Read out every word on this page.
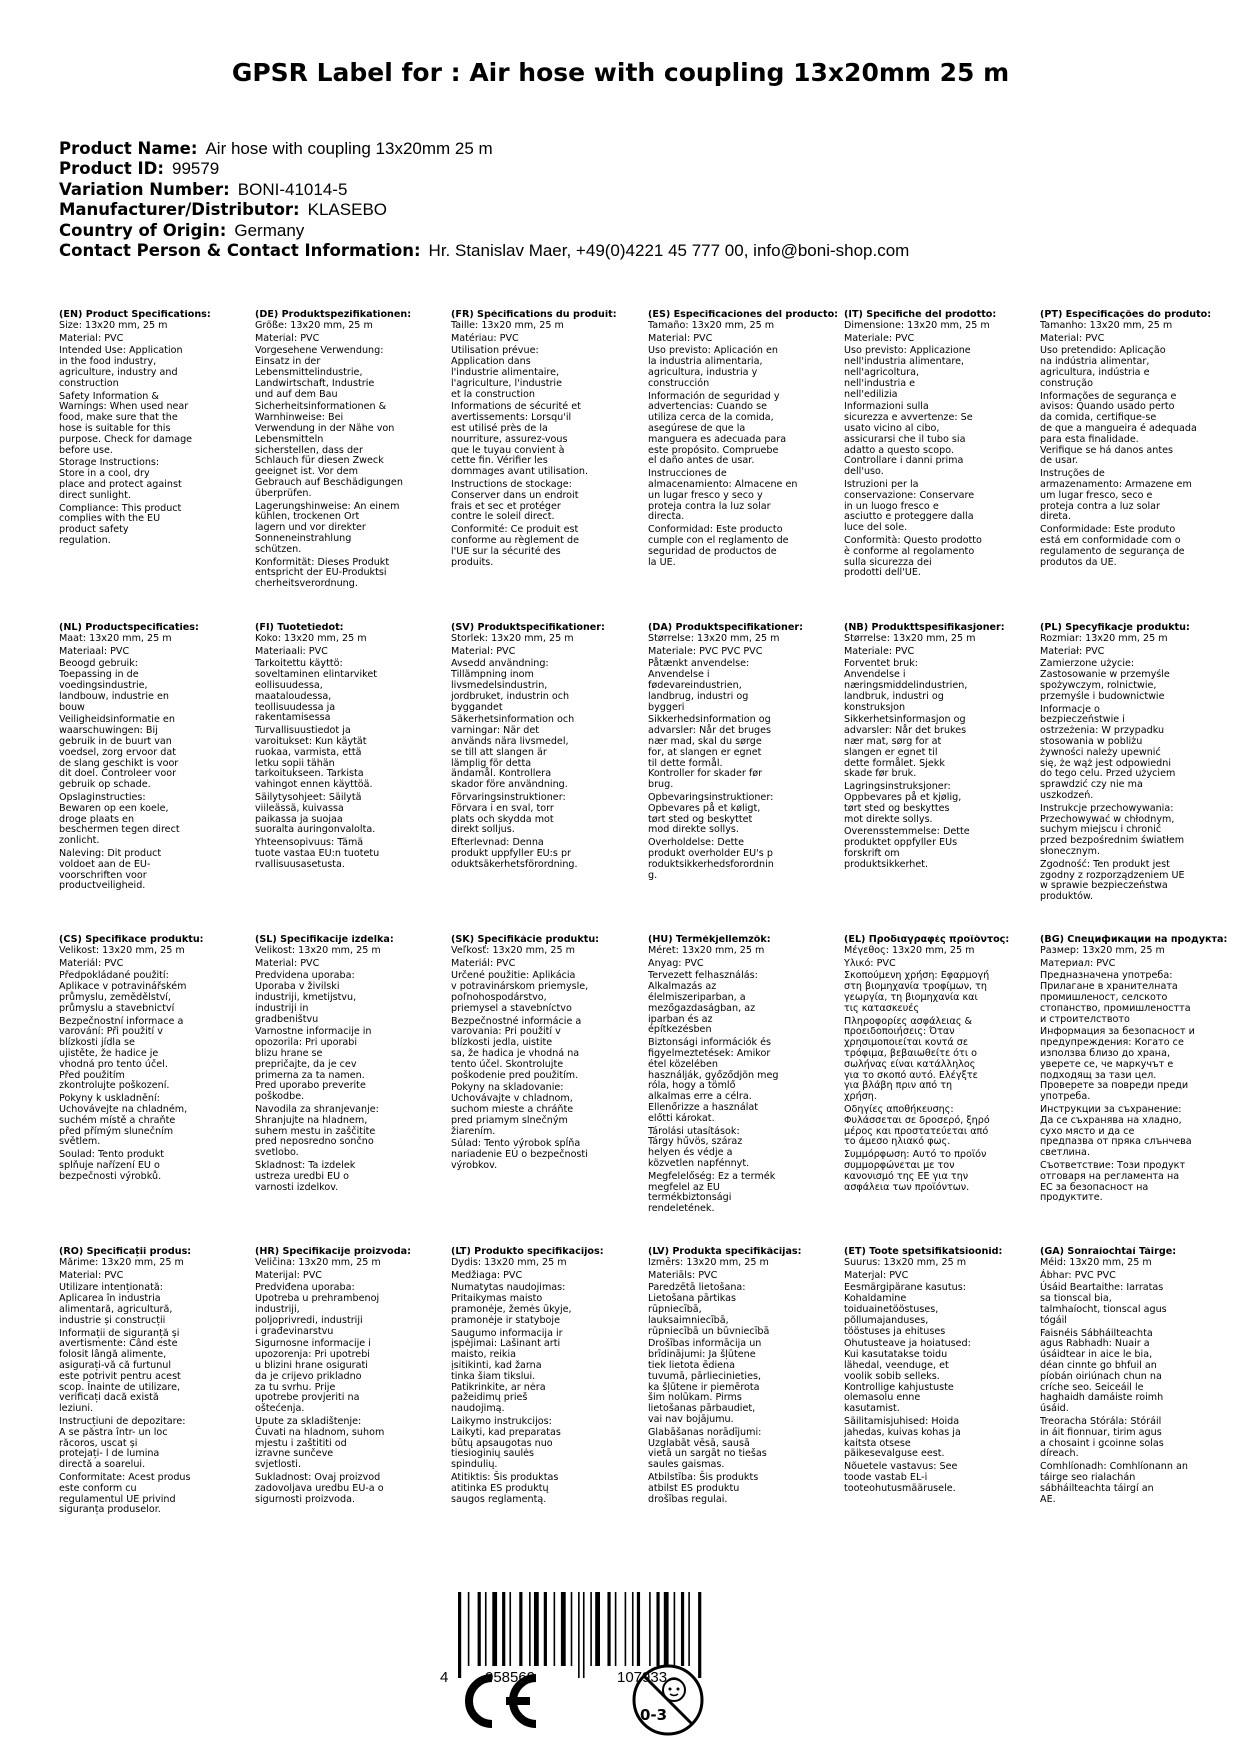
GPSR Label for : Air hose with coupling 13x20mm 25 m
Product Name: Air hose with coupling 13x20mm 25 m
Product ID: 99579
Variation Number: BONI-41014-5
Manufacturer/Distributor: KLASEBO
Country of Origin: Germany
Contact Person & Contact Information: Hr. Stanislav Maer, +49(0)4221 45 777 00, info@boni-shop.com
(EN) Product Specifications:
Size: 13x20 mm, 25 m

Material: PVC

Intended Use: Application
in the food industry,
agriculture, industry and
construction

Safety Information &
Warnings: When used near
food, make sure that the
hose is suitable for this
purpose. Check for damage
before use.

Storage Instructions:
Store in a cool, dry
place and protect against
direct sunlight.

Compliance: This product
complies with the EU
product safety
regulation.

(DE) Produktspezifikationen:
Größe: 13x20 mm, 25 m

Material: PVC

Vorgesehene Verwendung:
Einsatz in der
Lebensmittelindustrie,
Landwirtschaft, Industrie
und auf dem Bau

Sicherheitsinformationen &
Warnhinweise: Bei
Verwendung in der Nähe von
Lebensmitteln
sicherstellen, dass der
Schlauch für diesen Zweck
geeignet ist. Vor dem
Gebrauch auf Beschädigungen
überprüfen.

Lagerungshinweise: An einem
kühlen, trockenen Ort
lagern und vor direkter
Sonneneinstrahlung
schützen.

Konformität: Dieses Produkt
entspricht der EU-Produktsi
cherheitsverordnung.

(FR) Spécifications du produit:
Taille: 13x20 mm, 25 m

Matériau: PVC

Utilisation prévue:
Application dans
l'industrie alimentaire,
l'agriculture, l'industrie
et la construction

Informations de sécurité et
avertissements: Lorsqu'il
est utilisé près de la
nourriture, assurez-vous
que le tuyau convient à
cette fin. Vérifier les
dommages avant utilisation.

Instructions de stockage:
Conserver dans un endroit
frais et sec et protéger
contre le soleil direct.

Conformité: Ce produit est
conforme au règlement de
l'UE sur la sécurité des
produits.

(ES) Especificaciones del producto:
Tamaño: 13x20 mm, 25 m

Material: PVC

Uso previsto: Aplicación en
la industria alimentaria,
agricultura, industria y
construcción

Información de seguridad y
advertencias: Cuando se
utiliza cerca de la comida,
asegúrese de que la
manguera es adecuada para
este propósito. Compruebe
el daño antes de usar.

Instrucciones de
almacenamiento: Almacene en
un lugar fresco y seco y
proteja contra la luz solar
directa.

Conformidad: Este producto
cumple con el reglamento de
seguridad de productos de
la UE.

(IT) Specifiche del prodotto:
Dimensione: 13x20 mm, 25 m

Materiale: PVC

Uso previsto: Applicazione
nell'industria alimentare,
nell'agricoltura,
nell'industria e
nell'edilizia

Informazioni sulla
sicurezza e avvertenze: Se
usato vicino al cibo,
assicurarsi che il tubo sia
adatto a questo scopo.
Controllare i danni prima
dell'uso.

Istruzioni per la
conservazione: Conservare
in un luogo fresco e
asciutto e proteggere dalla
luce del sole.

Conformità: Questo prodotto
è conforme al regolamento
sulla sicurezza dei
prodotti dell'UE.

(PT) Especificações do produto:
Tamanho: 13x20 mm, 25 m

Material: PVC

Uso pretendido: Aplicação
na indústria alimentar,
agricultura, indústria e
construção

Informações de segurança e
avisos: Quando usado perto
da comida, certifique-se
de que a mangueira é adequada
para esta finalidade.
Verifique se há danos antes
de usar.

Instruções de
armazenamento: Armazene em
um lugar fresco, seco e
proteja contra a luz solar
direta.

Conformidade: Este produto
está em conformidade com o
regulamento de segurança de
produtos da UE.

(NL) Productspecificaties:
Maat: 13x20 mm, 25 m

Materiaal: PVC

Beoogd gebruik:
Toepassing in de
voedingsindustrie,
landbouw, industrie en
bouw

Veiligheidsinformatie en
waarschuwingen: Bij
gebruik in de buurt van
voedsel, zorg ervoor dat
de slang geschikt is voor
dit doel. Controleer voor
gebruik op schade.

Opslaginstructies:
Bewaren op een koele,
droge plaats en
beschermen tegen direct
zonlicht.

Naleving: Dit product
voldoet aan de EU-
voorschriften voor
productveiligheid.

(FI) Tuotetiedot:
Koko: 13x20 mm, 25 m

Materiaali: PVC

Tarkoitettu käyttö:
soveltaminen elintarviket
eollisuudessa,
maataloudessa,
teollisuudessa ja
rakentamisessa

Turvallisuustiedot ja
varoitukset: Kun käytät
ruokaa, varmista, että
letku sopii tähän
tarkoitukseen. Tarkista
vahingot ennen käyttöä.

Säilytysohjeet: Säilytä
viileässä, kuivassa
paikassa ja suojaa
suoralta auringonvalolta.

Yhteensopivuus: Tämä
tuote vastaa EU:n tuotetu
rvallisuusasetusta.

(SV) Produktspecifikationer:
Storlek: 13x20 mm, 25 m

Material: PVC

Avsedd användning:
Tillämpning inom
livsmedelsindustrin,
jordbruket, industrin och
byggandet

Säkerhetsinformation och
varningar: När det
används nära livsmedel,
se till att slangen är
lämplig för detta
ändamål. Kontrollera
skador före användning.

Förvaringsinstruktioner:
Förvara i en sval, torr
plats och skydda mot
direkt solljus.

Efterlevnad: Denna
produkt uppfyller EU:s pr
oduktsäkerhetsförordning.

(DA) Produktspecifikationer:
Størrelse: 13x20 mm, 25 m

Materiale: PVC PVC PVC

Påtænkt anvendelse:
Anvendelse i
fødevareindustrien,
landbrug, industri og
byggeri

Sikkerhedsinformation og
advarsler: Når det bruges
nær mad, skal du sørge
for, at slangen er egnet
til dette formål.
Kontroller for skader før
brug.

Opbevaringsinstruktioner:
Opbevares på et køligt,
tørt sted og beskyttet
mod direkte sollys.

Overholdelse: Dette
produkt overholder EU's p
roduktsikkerhedsforordnin
g.

(NB) Produkttspesifikasjoner:
Størrelse: 13x20 mm, 25 m

Materiale: PVC

Forventet bruk:
Anvendelse i
næringsmiddelindustrien,
landbruk, industri og
konstruksjon

Sikkerhetsinformasjon og
advarsler: Når det brukes
nær mat, sørg for at
slangen er egnet til
dette formålet. Sjekk
skade før bruk.

Lagringsinstruksjoner:
Oppbevares på et kjølig,
tørt sted og beskyttes
mot direkte sollys.

Overensstemmelse: Dette
produktet oppfyller EUs
forskrift om
produktsikkerhet.

(PL) Specyfikacje produktu:
Rozmiar: 13x20 mm, 25 m

Materiał: PVC

Zamierzone użycie:
Zastosowanie w przemyśle
spożywczym, rolnictwie,
przemyśle i budownictwie

Informacje o
bezpieczeństwie i
ostrzeżenia: W przypadku
stosowania w pobliżu
żywności należy upewnić
się, że wąż jest odpowiedni
do tego celu. Przed użyciem
sprawdzić czy nie ma
uszkodzeń.

Instrukcje przechowywania:
Przechowywać w chłodnym,
suchym miejscu i chronić
przed bezpośrednim światłem
słonecznym.

Zgodność: Ten produkt jest
zgodny z rozporządzeniem UE
w sprawie bezpieczeństwa
produktów.

(CS) Specifikace produktu:
Velikost: 13x20 mm, 25 m

Materiál: PVC

Předpokládané použití:
Aplikace v potravinářském
průmyslu, zemědělství,
průmyslu a stavebnictví

Bezpečnostní informace a
varování: Při použití v
blízkosti jídla se
ujistěte, že hadice je
vhodná pro tento účel.
Před použitím
zkontrolujte poškození.

Pokyny k uskladnění:
Uchovávejte na chladném,
suchém místě a chraňte
před přímým slunečním
světlem.

Soulad: Tento produkt
splňuje nařízení EU o
bezpečnosti výrobků.

(SL) Specifikacije izdelka:
Velikost: 13x20 mm, 25 m

Material: PVC

Predvidena uporaba:
Uporaba v živilski
industriji, kmetijstvu,
industriji in
gradbeništvu

Varnostne informacije in
opozorila: Pri uporabi
blizu hrane se
prepričajte, da je cev
primerna za ta namen.
Pred uporabo preverite
poškodbe.

Navodila za shranjevanje:
Shranjujte na hladnem,
suhem mestu in zaščitite
pred neposredno sončno
svetlobo.

Skladnost: Ta izdelek
ustreza uredbi EU o
varnosti izdelkov.

(SK) Špecifikácie produktu:
Veľkosť: 13x20 mm, 25 m

Materiál: PVC

Určené použitie: Aplikácia
v potravinárskom priemysle,
poľnohospodárstvo,
priemysel a stavebníctvo

Bezpečnostné informácie a
varovania: Pri použití v
blízkosti jedla, uistite
sa, že hadica je vhodná na
tento účel. Skontrolujte
poškodenie pred použitím.

Pokyny na skladovanie:
Uchovávajte v chladnom,
suchom mieste a chráňte
pred priamym slnečným
žiarením.

Súlad: Tento výrobok spĺňa
nariadenie EÚ o bezpečnosti
výrobkov.

(HU) Termékjellemzők:
Méret: 13x20 mm, 25 m

Anyag: PVC

Tervezett felhasználás:
Alkalmazás az
élelmiszeriparban, a
mezőgazdaságban, az
iparban és az
építkezésben

Biztonsági információk és
figyelmeztetések: Amikor
étel közelében
használják, győződjön meg
róla, hogy a tömlő
alkalmas erre a célra.
Ellenőrizze a használat
előtti károkat.

Tárolási utasítások:
Tárgy hűvös, száraz
helyen és védje a
közvetlen napfénnyt.

Megfelelőség: Ez a termék
megfelel az EU
termékbiztonsági
rendeletének.

(EL) Προδιαγραφές προϊόντος:
Μέγεθος: 13x20 mm, 25 m

Υλικό: PVC

Σκοπούμενη χρήση: Εφαρμογή
στη βιομηχανία τροφίμων, τη
γεωργία, τη βιομηχανία και
τις κατασκευές

Πληροφορίες ασφάλειας &
προειδοποιήσεις: Όταν
χρησιμοποιείται κοντά σε
τρόφιμα, βεβαιωθείτε ότι ο
σωλήνας είναι κατάλληλος
για το σκοπό αυτό. Ελέγξτε
για βλάβη πριν από τη
χρήση.

Οδηγίες αποθήκευσης:
Φυλάσσεται σε δροσερό, ξηρό
μέρος και προστατεύεται από
το άμεσο ηλιακό φως.

Συμμόρφωση: Αυτό το προϊόν
συμμορφώνεται με τον
κανονισμό της ΕΕ για την
ασφάλεια των προϊόντων.

(BG) Спецификации на продукта:
Размер: 13x20 mm, 25 m

Материал: PVC

Предназначена употреба:
Прилагане в хранителната
промишленост, селското
стопанство, промишлеността
и строителството

Информация за безопасност и
предупреждения: Когато се
използва близо до храна,
уверете се, че маркучът е
подходящ за тази цел.
Проверете за повреди преди
употреба.

Инструкции за съхранение:
Да се съхранява на хладно,
сухо място и да се
предпазва от пряка слънчева
светлина.

Съответствие: Този продукт
отговаря на регламента на
ЕС за безопасност на
продуктите.

(RO) Specificații produs:
Mărime: 13x20 mm, 25 m

Material: PVC

Utilizare intenționată:
Aplicarea în industria
alimentară, agricultură,
industrie și construcții

Informații de siguranță și
avertismente: Când este
folosit lângă alimente,
asigurați-vă că furtunul
este potrivit pentru acest
scop. Înainte de utilizare,
verificați dacă există
leziuni.

Instrucțiuni de depozitare:
A se păstra într- un loc
răcoros, uscat și
protejați- l de lumina
directă a soarelui.

Conformitate: Acest produs
este conform cu
regulamentul UE privind
siguranța produselor.

(HR) Specifikacije proizvoda:
Veličina: 13x20 mm, 25 m

Materijal: PVC

Predviđena uporaba:
Upotreba u prehrambenoj
industriji,
poljoprivredi, industriji
i građevinarstvu

Sigurnosne informacije i
upozorenja: Pri upotrebi
u blizini hrane osigurati
da je crijevo prikladno
za tu svrhu. Prije
upotrebe provjeriti na
oštećenja.

Upute za skladištenje:
Čuvati na hladnom, suhom
mjestu i zaštititi od
izravne sunčeve
svjetlosti.

Sukladnost: Ovaj proizvod
zadovoljava uredbu EU-a o
sigurnosti proizvoda.

(LT) Produkto specifikacijos:
Dydis: 13x20 mm, 25 m

Medžiaga: PVC

Numatytas naudojimas:
Pritaikymas maisto
pramonėje, žemės ūkyje,
pramonėje ir statyboje

Saugumo informacija ir
įspėjimai: Lašinant arti
maisto, reikia
įsitikinti, kad žarna
tinka šiam tikslui.
Patikrinkite, ar nėra
pažeidimų prieš
naudojimą.

Laikymo instrukcijos:
Laikyti, kad preparatas
būtų apsaugotas nuo
tiesioginių saulės
spindulių.

Atitiktis: Šis produktas
atitinka ES produktų
saugos reglamentą.

(LV) Produkta specifikācijas:
Izmērs: 13x20 mm, 25 m

Materiāls: PVC

Paredzētā lietošana:
Lietošana pārtikas
rūpniecībā,
lauksaimniecībā,
rūpniecībā un būvniecībā

Drošības informācija un
brīdinājumi: Ja šļūtene
tiek lietota ēdiena
tuvumā, pārliecinieties,
ka šļūtene ir piemērota
šim nolūkam. Pirms
lietošanas pārbaudiet,
vai nav bojājumu.

Glabāšanas norādījumi:
Uzglabāt vēsā, sausā
vietā un sargāt no tiešas
saules gaismas.

Atbilstība: Šis produkts
atbilst ES produktu
drošības regulai.

(ET) Toote spetsifikatsioonid:
Suurus: 13x20 mm, 25 m

Materjal: PVC

Eesmärgipärane kasutus:
Kohaldamine
toiduainetööstuses,
põllumajanduses,
tööstuses ja ehituses

Ohutusteave ja hoiatused:
Kui kasutatakse toidu
lähedal, veenduge, et
voolik sobib selleks.
Kontrollige kahjustuste
olemasolu enne
kasutamist.

Säilitamisjuhised: Hoida
jahedas, kuivas kohas ja
kaitsta otsese
päikesevalguse eest.

Nõuetele vastavus: See
toode vastab EL-i
tooteohutusmäärusele.

(GA) Sonraíochtaí Táirge:
Méid: 13x20 mm, 25 m

Ábhar: PVC PVC

Úsáid Beartaithe: Iarratas
sa tionscal bia,
talmhaíocht, tionscal agus
tógáil

Faisnéis Sábháilteachta
agus Rabhadh: Nuair a
úsáidtear in aice le bia,
déan cinnte go bhfuil an
píobán oiriúnach chun na
críche seo. Seiceáil le
haghaidh damáiste roimh
úsáid.

Treoracha Stórála: Stóráil
in áit fionnuar, tirim agus
a chosaint i gcoinne solas
díreach.

Comhlíonadh: Comhlíonann an
táirge seo rialachán
sábháilteachta táirgí an
AE.

4 058569	107933
CE
0-3
